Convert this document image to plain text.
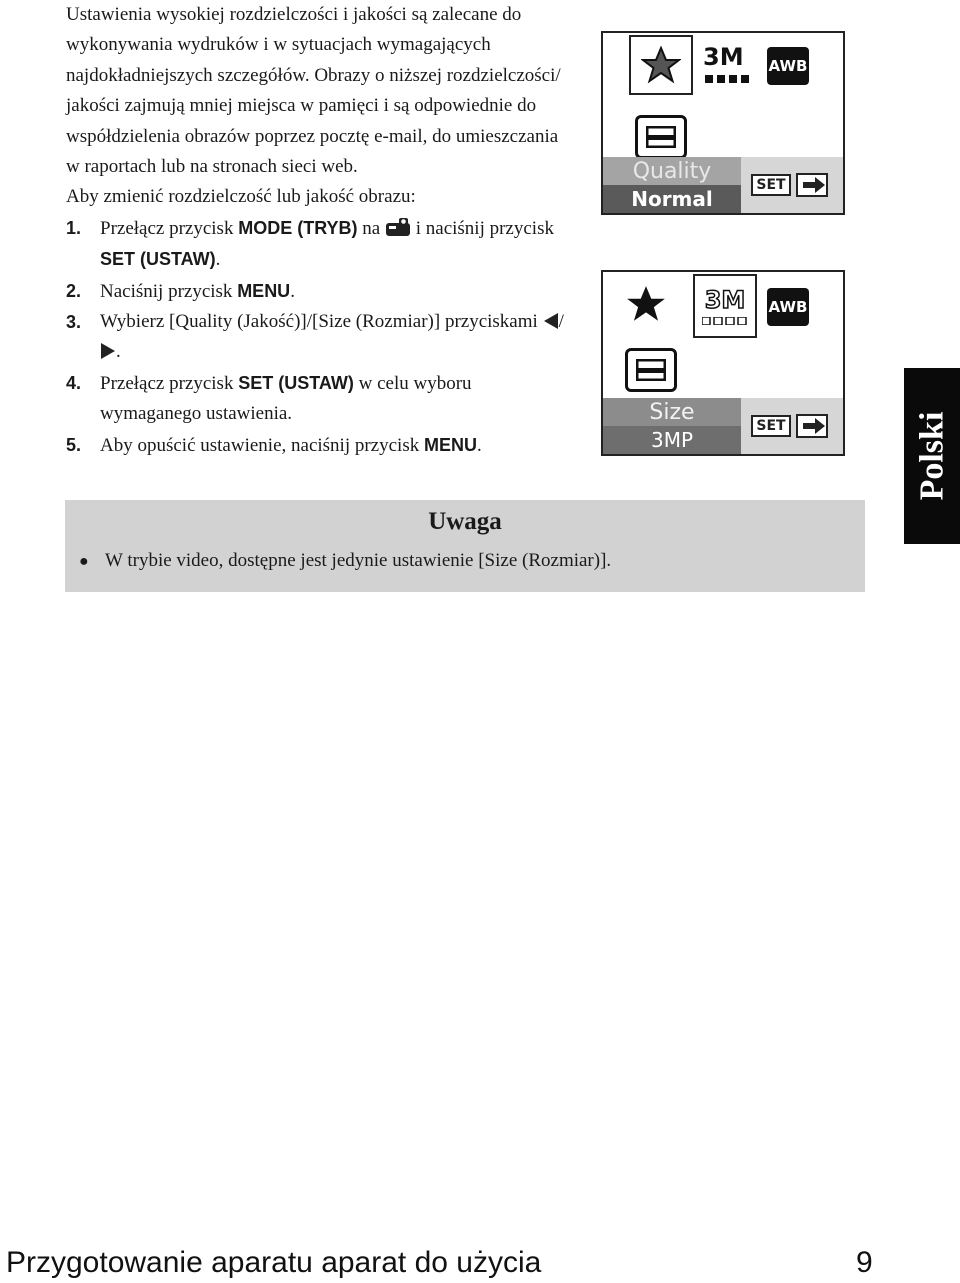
Ustawienia wysokiej rozdzielczości i jakości są zalecane do wykonywania wydruków i w sytuacjach wymagających najdokładniejszych szczegółów. Obrazy o niższej rozdzielczości/ jakości zajmują mniej miejsca w pamięci i są odpowiednie do współdzielenia obrazów poprzez pocztę e-mail, do umieszczania w raportach lub na stronach sieci web.

Aby zmienić rozdzielczość lub jakość obrazu:

1. Przełącz przycisk MODE (TRYB) na  i naciśnij przycisk SET (USTAW).
2. Naciśnij przycisk MENU.
3. Wybierz [Quality (Jakość)]/[Size (Rozmiar)] przyciskami /.
4. Przełącz przycisk SET (USTAW) w celu wyboru wymaganego ustawienia.
5. Aby opuścić ustawienie, naciśnij przycisk MENU.
3M	AWB
Quality
Normal
SET
3M AWB
Size
3MP
SET
Uwaga
● W trybie video, dostępne jest jedynie ustawienie [Size (Rozmiar)].
Polski
Przygotowanie aparatu aparat do użycia	9
